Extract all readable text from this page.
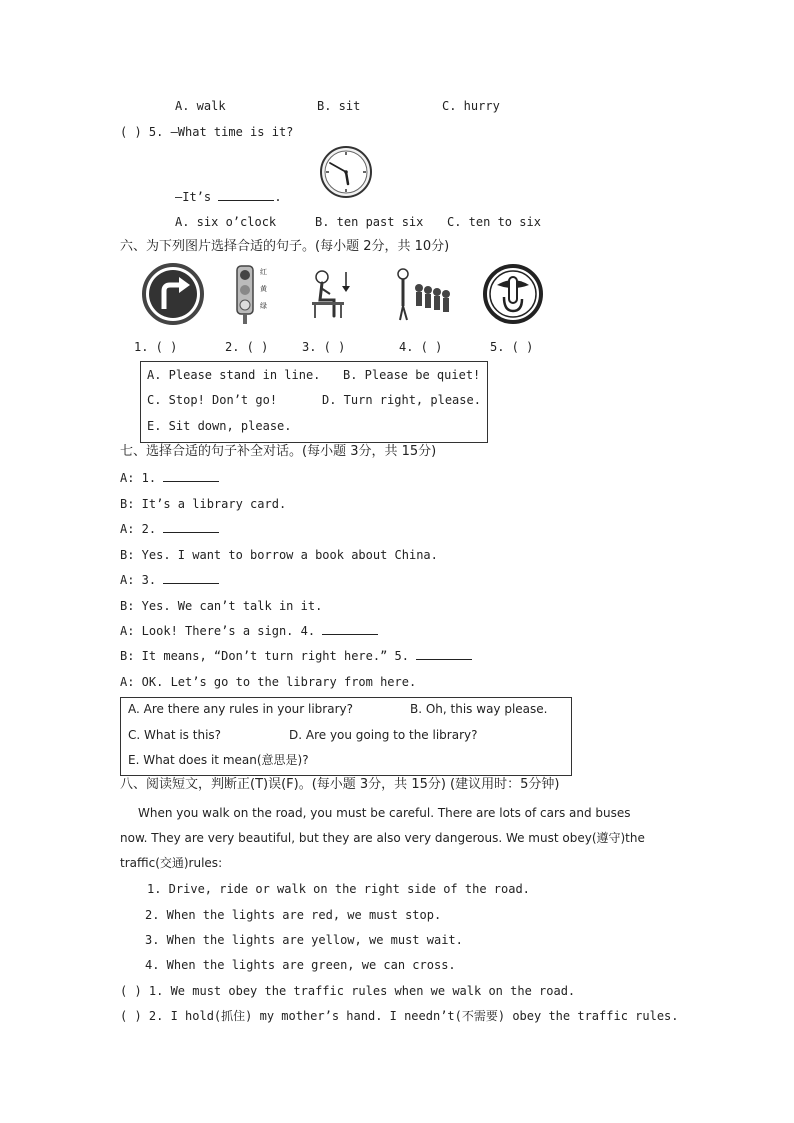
A. walk	B. sit	C. hurry
( ) 5. —What time is it?
—It’s	.
A. six o’clock	B. ten past six C. ten to six
六、为下列图片选择合适的句子。(每小题 2分，共 10分)
红
黄
绿
1. ( )	2. ( )	3. ( )	4. ( )	5. ( )
A. Please stand in line. B. Please be quiet!
C. Stop! Don’t go!	D. Turn right, please.
E. Sit down, please.
七、选择合适的句子补全对话。(每小题 3分，共 15分)
A: 1.
B: It’s a library card.
A: 2.
B: Yes. I want to borrow a book about China.
A: 3.
B: Yes. We can’t talk in it.
A: Look! There’s a sign. 4.
B: It means, “Don’t turn right here.” 5.
A: OK. Let’s go to the library from here.
A. Are there any rules in your library?	B. Oh, this way please.
C. What is this?	D. Are you going to the library?
E. What does it mean(意思是)?
八、阅读短文，判断正(T)误(F)。(每小题 3分，共 15分) (建议用时：5分钟)
When you walk on the road, you must be careful. There are lots of cars and buses
now. They are very beautiful, but they are also very dangerous. We must obey(遵守)the
traffic(交通)rules:
1. Drive, ride or walk on the right side of the road.
2. When the lights are red, we must stop.
3. When the lights are yellow, we must wait.
4. When the lights are green, we can cross.
( ) 1. We must obey the traffic rules when we walk on the road.
( ) 2. I hold(抓住) my mother’s hand. I needn’t(不需要) obey the traffic rules.
